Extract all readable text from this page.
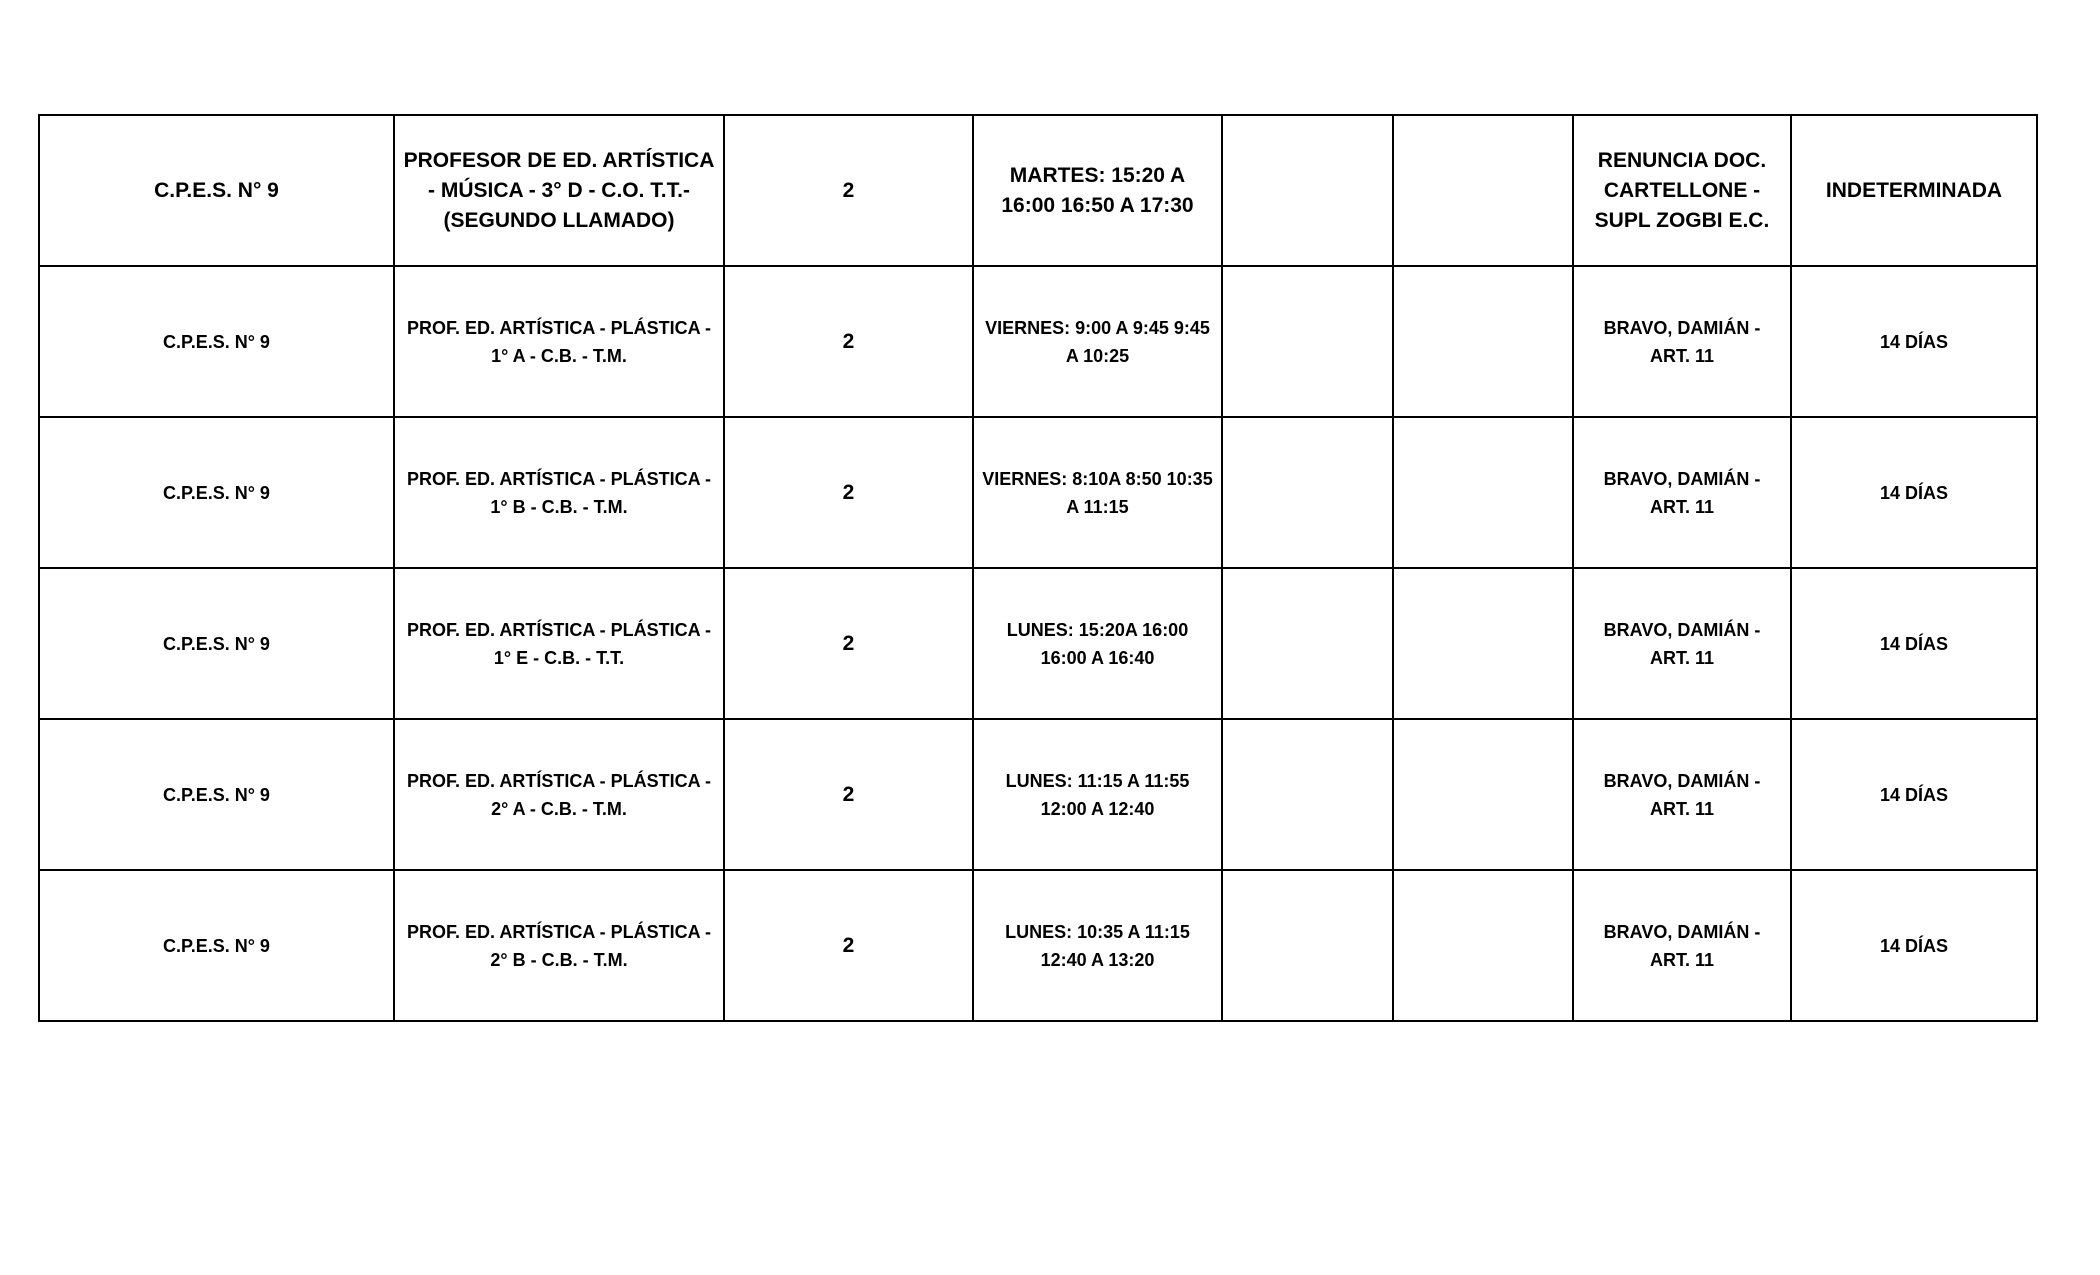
C.P.E.S. N° 9	PROFESOR DE ED. ARTÍSTICA - MÚSICA - 3° D - C.O. T.T.- (SEGUNDO LLAMADO)	2	MARTES: 15:20 A 16:00 16:50 A 17:30			RENUNCIA DOC. CARTELLONE - SUPL ZOGBI E.C.	INDETERMINADA
C.P.E.S. N° 9	PROF. ED. ARTÍSTICA - PLÁSTICA - 1° A - C.B. - T.M.	2	VIERNES: 9:00 A 9:45 9:45 A 10:25			BRAVO, DAMIÁN - ART. 11	14 DÍAS
C.P.E.S. N° 9	PROF. ED. ARTÍSTICA - PLÁSTICA - 1° B - C.B. - T.M.	2	VIERNES: 8:10A 8:50 10:35 A 11:15			BRAVO, DAMIÁN - ART. 11	14 DÍAS
C.P.E.S. N° 9	PROF. ED. ARTÍSTICA - PLÁSTICA - 1° E - C.B. - T.T.	2	LUNES: 15:20A 16:00 16:00 A 16:40			BRAVO, DAMIÁN - ART. 11	14 DÍAS
C.P.E.S. N° 9	PROF. ED. ARTÍSTICA - PLÁSTICA - 2° A - C.B. - T.M.	2	LUNES: 11:15 A 11:55 12:00 A 12:40			BRAVO, DAMIÁN - ART. 11	14 DÍAS
C.P.E.S. N° 9	PROF. ED. ARTÍSTICA - PLÁSTICA - 2° B - C.B. - T.M.	2	LUNES: 10:35 A 11:15 12:40 A 13:20			BRAVO, DAMIÁN - ART. 11	14 DÍAS
